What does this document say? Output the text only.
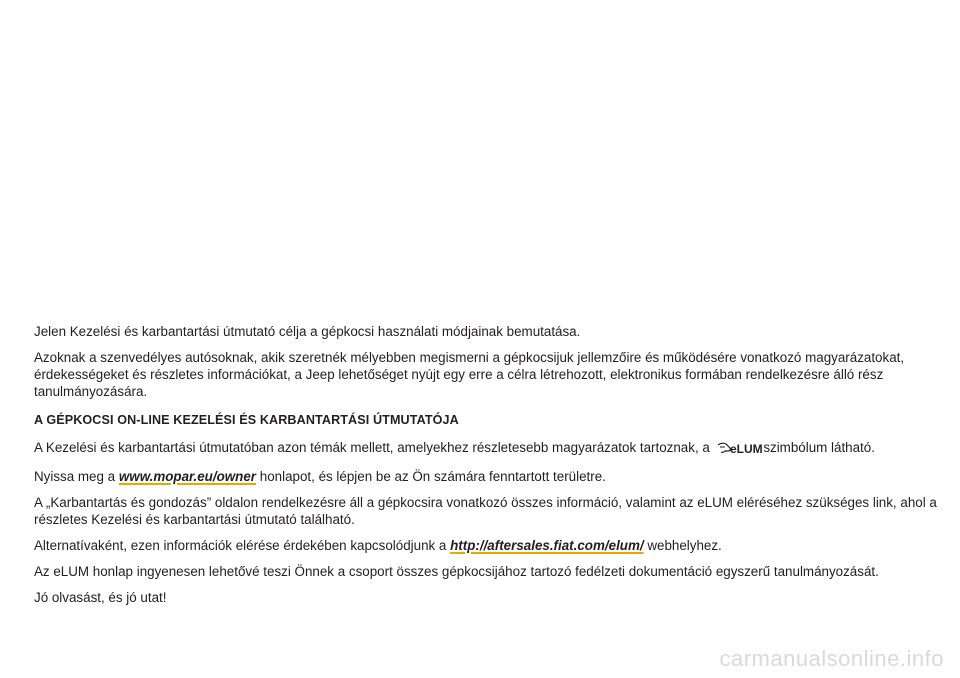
Jelen Kezelési és karbantartási útmutató célja a gépkocsi használati módjainak bemutatása.

Azoknak a szenvedélyes autósoknak, akik szeretnék mélyebben megismerni a gépkocsijuk jellemzőire és működésére vonatkozó magyarázatokat, érdekességeket és részletes információkat, a Jeep lehetőséget nyújt egy erre a célra létrehozott, elektronikus formában rendelkezésre álló rész tanulmányozására.

A GÉPKOCSI ON-LINE KEZELÉSI ÉS KARBANTARTÁSI ÚTMUTATÓJA

A Kezelési és karbantartási útmutatóban azon témák mellett, amelyekhez részletesebb magyarázatok tartoznak, a eLUM szimbólum látható.

Nyissa meg a www.mopar.eu/owner honlapot, és lépjen be az Ön számára fenntartott területre.

A „Karbantartás és gondozás” oldalon rendelkezésre áll a gépkocsira vonatkozó összes információ, valamint az eLUM eléréséhez szükséges link, ahol a részletes Kezelési és karbantartási útmutató található.

Alternatívaként, ezen információk elérése érdekében kapcsolódjunk a http://aftersales.fiat.com/elum/ webhelyhez.

Az eLUM honlap ingyenesen lehetővé teszi Önnek a csoport összes gépkocsijához tartozó fedélzeti dokumentáció egyszerű tanulmányozását.

Jó olvasást, és jó utat!

carmanualsonline.info
